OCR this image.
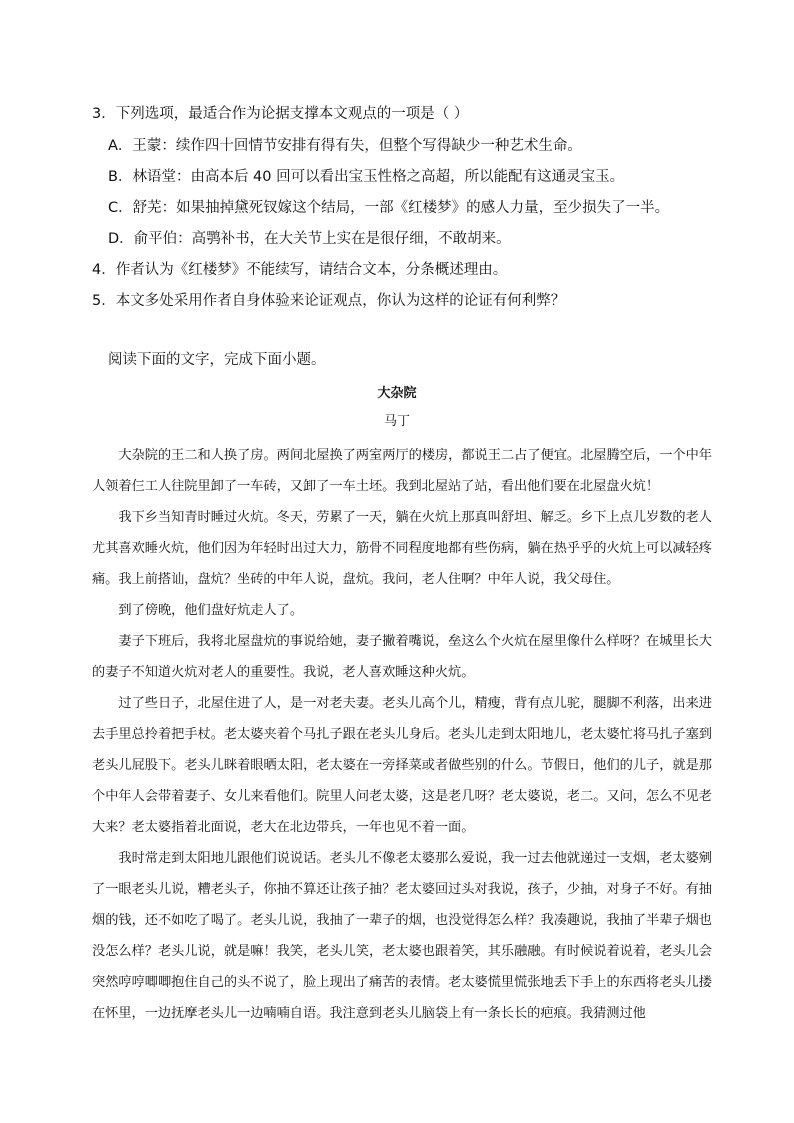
3．下列选项，最适合作为论据支撑本文观点的一项是（ ）
A．王蒙：续作四十回情节安排有得有失，但整个写得缺少一种艺术生命。
B．林语堂：由高本后 40 回可以看出宝玉性格之高超，所以能配有这通灵宝玉。
C．舒芜：如果抽掉黛死钗嫁这个结局，一部《红楼梦》的感人力量，至少损失了一半。
D．俞平伯：高鹗补书，在大关节上实在是很仔细，不敢胡来。
4．作者认为《红楼梦》不能续写，请结合文本，分条概述理由。
5．本文多处采用作者自身体验来论证观点，你认为这样的论证有何利弊？
阅读下面的文字，完成下面小题。
大杂院
马丁

大杂院的王二和人换了房。两间北屋换了两室两厅的楼房，都说王二占了便宜。北屋腾空后，一个中年人领着仨工人往院里卸了一车砖，又卸了一车土坯。我到北屋站了站，看出他们要在北屋盘火炕！

我下乡当知青时睡过火炕。冬天，劳累了一天，躺在火炕上那真叫舒坦、解乏。乡下上点儿岁数的老人尤其喜欢睡火炕，他们因为年轻时出过大力，筋骨不同程度地都有些伤病，躺在热乎乎的火炕上可以减轻疼痛。我上前搭讪，盘炕？坐砖的中年人说，盘炕。我问，老人住啊？中年人说，我父母住。

到了傍晚，他们盘好炕走人了。

妻子下班后，我将北屋盘炕的事说给她，妻子撇着嘴说，垒这么个火炕在屋里像什么样呀？在城里长大的妻子不知道火炕对老人的重要性。我说，老人喜欢睡这种火炕。

过了些日子，北屋住进了人，是一对老夫妻。老头儿高个儿，精瘦，背有点儿驼，腿脚不利落，出来进去手里总拎着把手杖。老太婆夹着个马扎子跟在老头儿身后。老头儿走到太阳地儿，老太婆忙将马扎子塞到老头儿屁股下。老头儿眯着眼晒太阳，老太婆在一旁择菜或者做些别的什么。节假日，他们的儿子，就是那个中年人会带着妻子、女儿来看他们。院里人问老太婆，这是老几呀？老太婆说，老二。又问，怎么不见老大来？老太婆指着北面说，老大在北边带兵，一年也见不着一面。

我时常走到太阳地儿跟他们说说话。老头儿不像老太婆那么爱说，我一过去他就递过一支烟，老太婆剜了一眼老头儿说，糟老头子，你抽不算还让孩子抽？老太婆回过头对我说，孩子，少抽，对身子不好。有抽烟的钱，还不如吃了喝了。老头儿说，我抽了一辈子的烟，也没觉得怎么样？我凑趣说，我抽了半辈子烟也没怎么样？老头儿说，就是嘛！我笑，老头儿笑，老太婆也跟着笑，其乐融融。有时候说着说着，老头儿会突然哼哼唧唧抱住自己的头不说了，脸上现出了痛苦的表情。老太婆慌里慌张地丢下手上的东西将老头儿搂在怀里，一边抚摩老头儿一边喃喃自语。我注意到老头儿脑袋上有一条长长的疤痕。我猜测过他
